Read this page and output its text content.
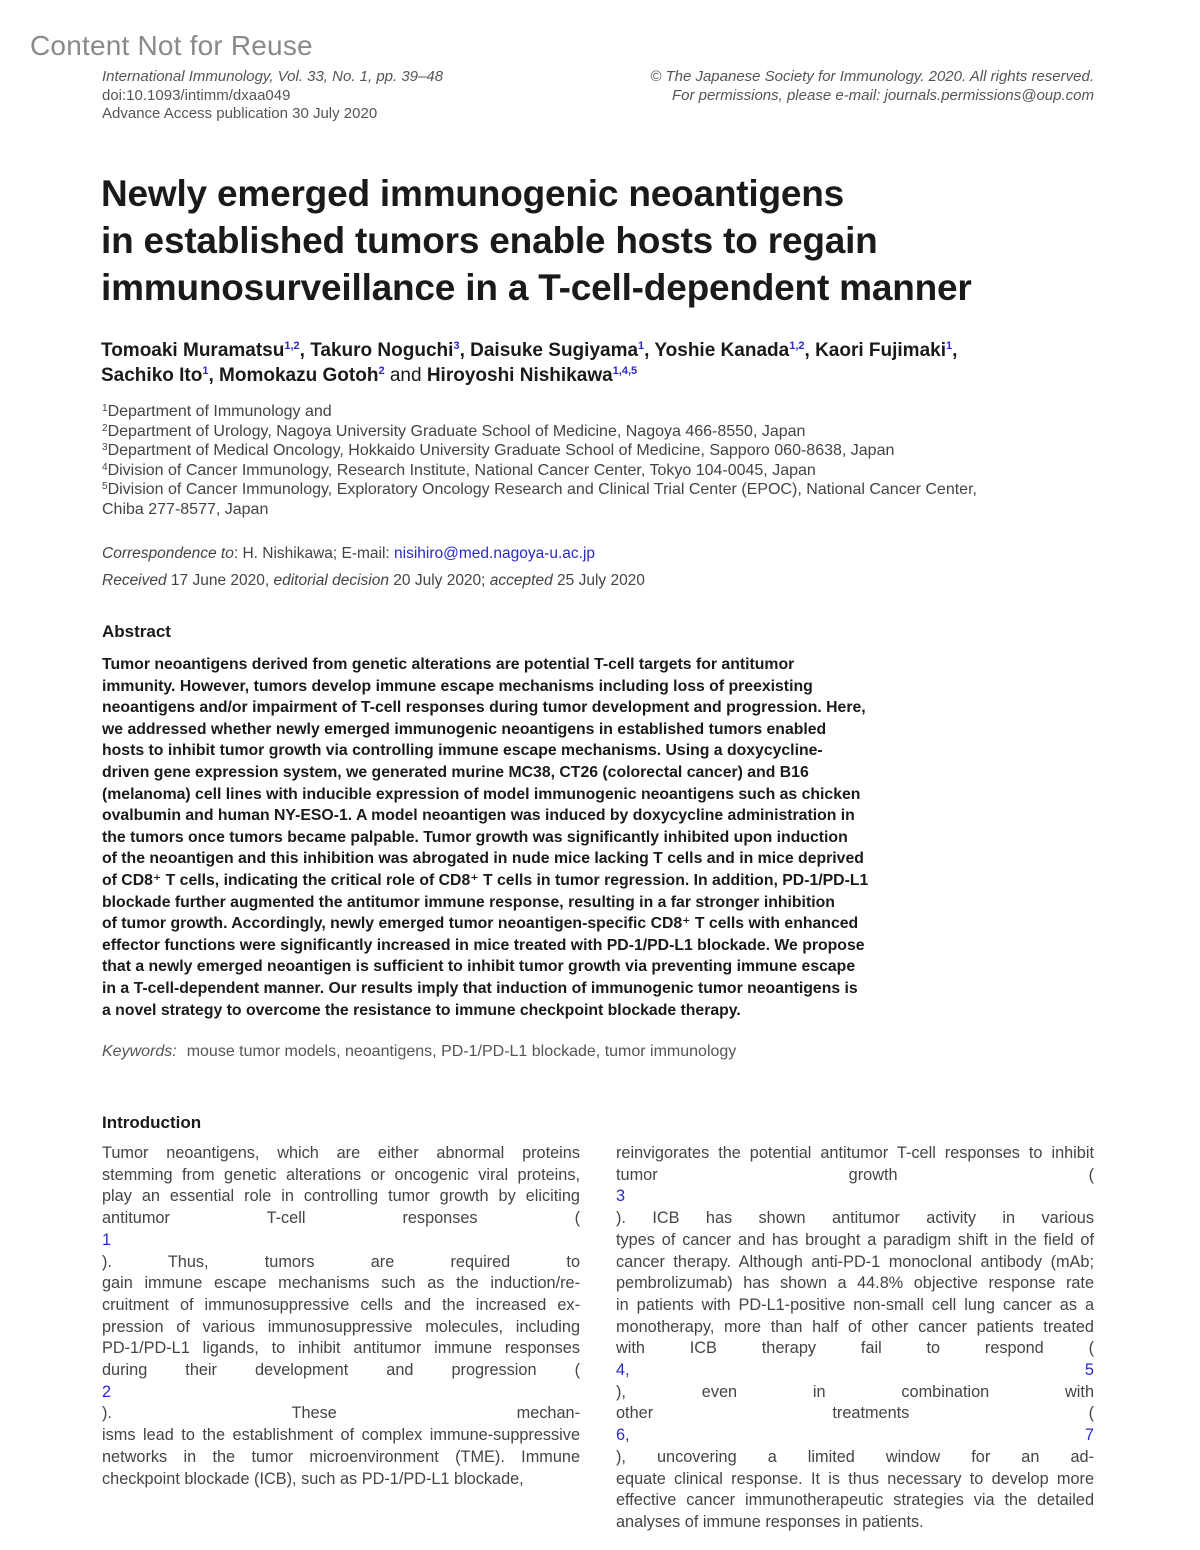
Content Not for Reuse
International Immunology, Vol. 33, No. 1, pp. 39–48
doi:10.1093/intimm/dxaa049
Advance Access publication 30 July 2020
© The Japanese Society for Immunology. 2020. All rights reserved.
For permissions, please e-mail: journals.permissions@oup.com
Newly emerged immunogenic neoantigens
in established tumors enable hosts to regain
immunosurveillance in a T-cell-dependent manner
Tomoaki Muramatsu$^{1,2}$, Takuro Noguchi$^3$, Daisuke Sugiyama$^1$, Yoshie Kanada$^{1,2}$, Kaori Fujimaki$^1$,
Sachiko Ito$^1$, Momokazu Gotoh$^2$ and Hiroyoshi Nishikawa$^{1,4,5}$
$^1$Department of Immunology and
$^2$Department of Urology, Nagoya University Graduate School of Medicine, Nagoya 466-8550, Japan
$^3$Department of Medical Oncology, Hokkaido University Graduate School of Medicine, Sapporo 060-8638, Japan
$^4$Division of Cancer Immunology, Research Institute, National Cancer Center, Tokyo 104-0045, Japan
$^5$Division of Cancer Immunology, Exploratory Oncology Research and Clinical Trial Center (EPOC), National Cancer Center,
Chiba 277-8577, Japan
Correspondence to: H. Nishikawa; E-mail: nisihiro@med.nagoya-u.ac.jp
Received 17 June 2020, editorial decision 20 July 2020; accepted 25 July 2020
Abstract
Tumor neoantigens derived from genetic alterations are potential T-cell targets for antitumor
immunity. However, tumors develop immune escape mechanisms including loss of preexisting
neoantigens and/or impairment of T-cell responses during tumor development and progression. Here,
we addressed whether newly emerged immunogenic neoantigens in established tumors enabled
hosts to inhibit tumor growth via controlling immune escape mechanisms. Using a doxycycline-
driven gene expression system, we generated murine MC38, CT26 (colorectal cancer) and B16
(melanoma) cell lines with inducible expression of model immunogenic neoantigens such as chicken
ovalbumin and human NY-ESO-1. A model neoantigen was induced by doxycycline administration in
the tumors once tumors became palpable. Tumor growth was significantly inhibited upon induction
of the neoantigen and this inhibition was abrogated in nude mice lacking T cells and in mice deprived
of CD8⁺ T cells, indicating the critical role of CD8⁺ T cells in tumor regression. In addition, PD-1/PD-L1
blockade further augmented the antitumor immune response, resulting in a far stronger inhibition
of tumor growth. Accordingly, newly emerged tumor neoantigen-specific CD8⁺ T cells with enhanced
effector functions were significantly increased in mice treated with PD-1/PD-L1 blockade. We propose
that a newly emerged neoantigen is sufficient to inhibit tumor growth via preventing immune escape
in a T-cell-dependent manner. Our results imply that induction of immunogenic tumor neoantigens is
a novel strategy to overcome the resistance to immune checkpoint blockade therapy.
Keywords: mouse tumor models, neoantigens, PD-1/PD-L1 blockade, tumor immunology
Introduction
Tumor neoantigens, which are either abnormal proteins
stemming from genetic alterations or oncogenic viral proteins,
play an essential role in controlling tumor growth by eliciting
antitumor T-cell responses (
1
). Thus, tumors are required to
gain immune escape mechanisms such as the induction/re-
cruitment of immunosuppressive cells and the increased ex-
pression of various immunosuppressive molecules, including
PD-1/PD-L1 ligands, to inhibit antitumor immune responses
during their development and progression (
2
). These mechan-
isms lead to the establishment of complex immune-suppressive
networks in the tumor microenvironment (TME). Immune
checkpoint blockade (ICB), such as PD-1/PD-L1 blockade,
reinvigorates the potential antitumor T-cell responses to inhibit
tumor growth (
3
). ICB has shown antitumor activity in various
types of cancer and has brought a paradigm shift in the field of
cancer therapy. Although anti-PD-1 monoclonal antibody (mAb;
pembrolizumab) has shown a 44.8% objective response rate
in patients with PD-L1-positive non-small cell lung cancer as a
monotherapy, more than half of other cancer patients treated
with ICB therapy fail to respond (
4, 5
), even in combination with
other treatments (
6, 7
), uncovering a limited window for an ad-
equate clinical response. It is thus necessary to develop more
effective cancer immunotherapeutic strategies via the detailed
analyses of immune responses in patients.
